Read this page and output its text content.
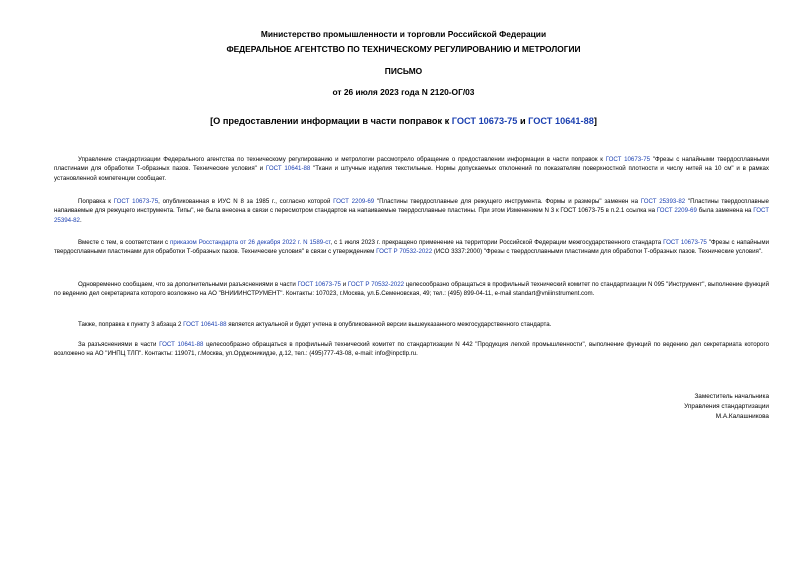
Министерство промышленности и торговли Российской Федерации
ФЕДЕРАЛЬНОЕ АГЕНТСТВО ПО ТЕХНИЧЕСКОМУ РЕГУЛИРОВАНИЮ И МЕТРОЛОГИИ
ПИСЬМО
от 26 июля 2023 года N 2120-ОГ/03
[О предоставлении информации в части поправок к ГОСТ 10673-75 и ГОСТ 10641-88]
Управление стандартизации Федерального агентства по техническому регулированию и метрологии рассмотрело обращение о предоставлении информации в части поправок к ГОСТ 10673-75 "Фрезы с напайными твердосплавными пластинами для обработки Т-образных пазов. Технические условия" и ГОСТ 10641-88 "Ткани и штучные изделия текстильные. Нормы допускаемых отклонений по показателям поверхностной плотности и числу нитей на 10 см" и в рамках установленной компетенции сообщает.
Поправка к ГОСТ 10673-75, опубликованная в ИУС N 8 за 1985 г., согласно которой ГОСТ 2209-69 "Пластины твердосплавные для режущего инструмента. Формы и размеры" заменен на ГОСТ 25393-82 "Пластины твердосплавные напаиваемые для режущего инструмента. Типы", не была внесена в связи с пересмотром стандартов на напаиваемые твердосплавные пластины. При этом Изменением N 3 к ГОСТ 10673-75 в п.2.1 ссылка на ГОСТ 2209-69 была заменена на ГОСТ 25394-82.
Вместе с тем, в соответствии с приказом Росстандарта от 26 декабря 2022 г. N 1589-ст, с 1 июля 2023 г. прекращено применение на территории Российской Федерации межгосударственного стандарта ГОСТ 10673-75 "Фрезы с напайными твердосплавными пластинами для обработки Т-образных пазов. Технические условия" в связи с утверждением ГОСТ Р 70532-2022 (ИСО 3337:2000) "Фрезы с твердосплавными пластинами для обработки Т-образных пазов. Технические условия".
Одновременно сообщаем, что за дополнительными разъяснениями в части ГОСТ 10673-75 и ГОСТ Р 70532-2022 целесообразно обращаться в профильный технический комитет по стандартизации N 095 "Инструмент", выполнение функций по ведению дел секретариата которого возложено на АО "ВНИИИНСТРУМЕНТ". Контакты: 107023, г.Москва, ул.Б.Семеновская, 49; тел.: (495) 899-04-11, e-mail standart@vniiinstrument.com.
Также, поправка к пункту 3 абзаца 2 ГОСТ 10641-88 является актуальной и будет учтена в опубликованной версии вышеуказанного межгосударственного стандарта.
За разъяснениями в части ГОСТ 10641-88 целесообразно обращаться в профильный технический комитет по стандартизации N 442 "Продукция легкой промышленности", выполнение функций по ведению дел секретариата которого возложено на АО "ИНПЦ ТЛП". Контакты: 119071, г.Москва, ул.Орджоникидзе, д.12, тел.: (495)777-43-08, e-mail: info@inpctlp.ru.
Заместитель начальника
Управления стандартизации
М.А.Калашникова
